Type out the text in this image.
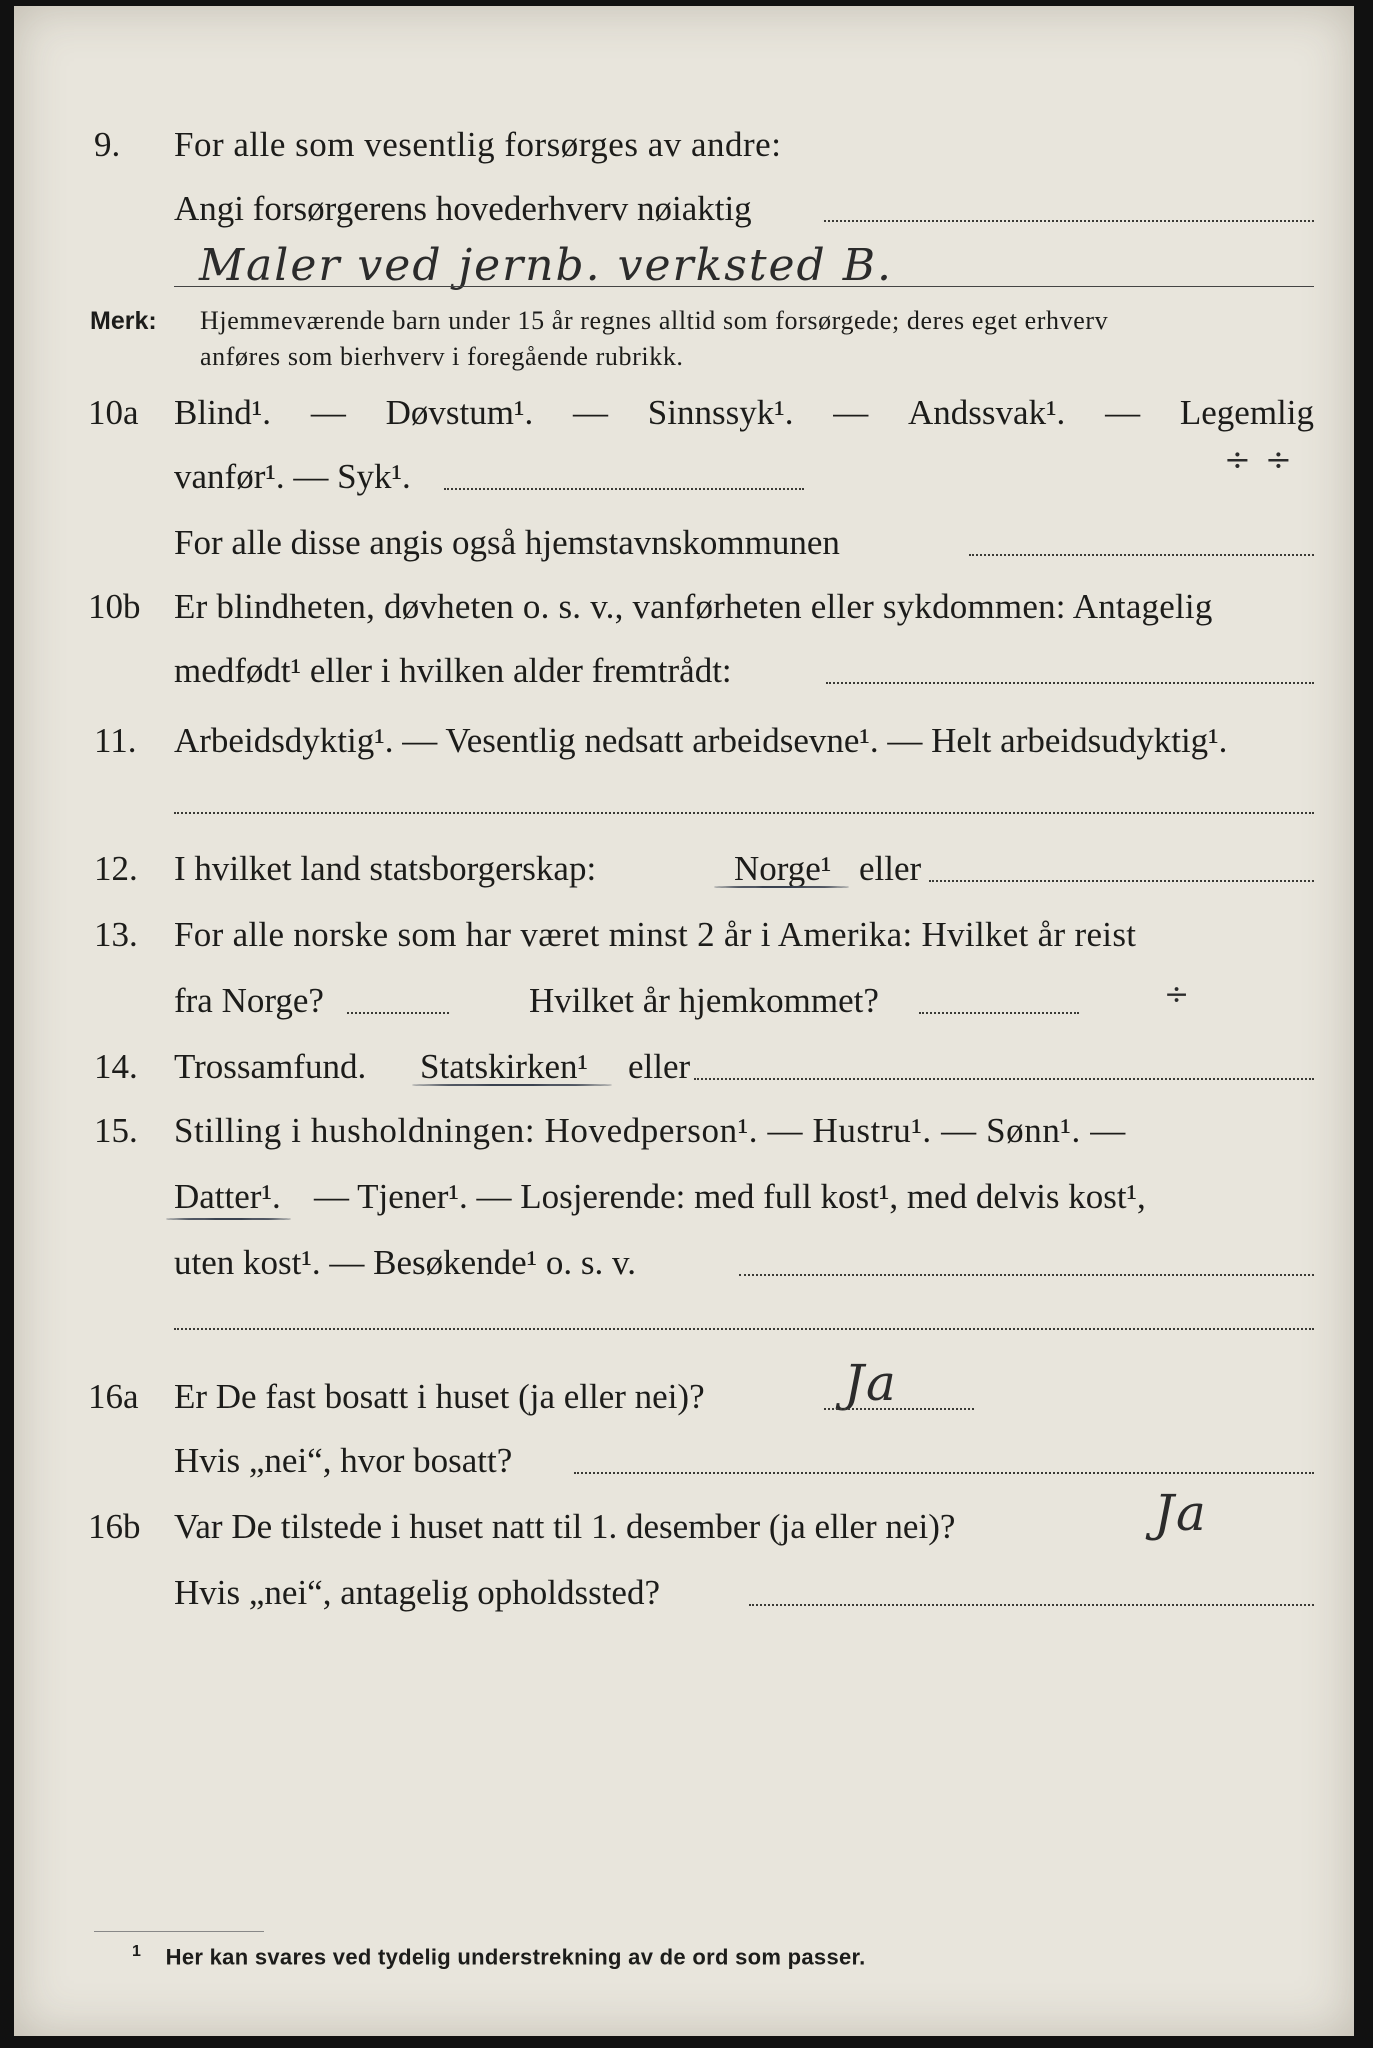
9. For alle som vesentlig forsørges av andre:
Angi forsørgerens hovederhverv nøiaktig
Maler ved jernb. verksted B.
Merk: Hjemmeværende barn under 15 år regnes alltid som forsørgede; deres eget erhverv
anføres som bierhverv i foregående rubrikk.
10a Blind¹. — Døvstum¹. — Sinnssyk¹. — Andssvak¹. — Legemlig
vanfør¹. — Syk¹.	÷ ÷
For alle disse angis også hjemstavnskommunen
10b Er blindheten, døvheten o. s. v., vanførheten eller sykdommen: Antagelig
medfødt¹ eller i hvilken alder fremtrådt:
11. Arbeidsdyktig¹. — Vesentlig nedsatt arbeidsevne¹. — Helt arbeidsudyktig¹.
12. I hvilket land statsborgerskap:	Norge¹ eller
13. For alle norske som har været minst 2 år i Amerika: Hvilket år reist
fra Norge?	Hvilket år hjemkommet?	÷
14. Trossamfund. Statskirken¹ eller
15. Stilling i husholdningen: Hovedperson¹. — Hustru¹. — Sønn¹. —
Datter¹. — Tjener¹. — Losjerende: med full kost¹, med delvis kost¹,
uten kost¹. — Besøkende¹ o. s. v.
16a Er De fast bosatt i huset (ja eller nei)?	Ja
Hvis „nei“, hvor bosatt?
16b Var De tilstede i huset natt til 1. desember (ja eller nei)?	Ja
Hvis „nei“, antagelig opholdssted?
$^1$ Her kan svares ved tydelig understrekning av de ord som passer.
